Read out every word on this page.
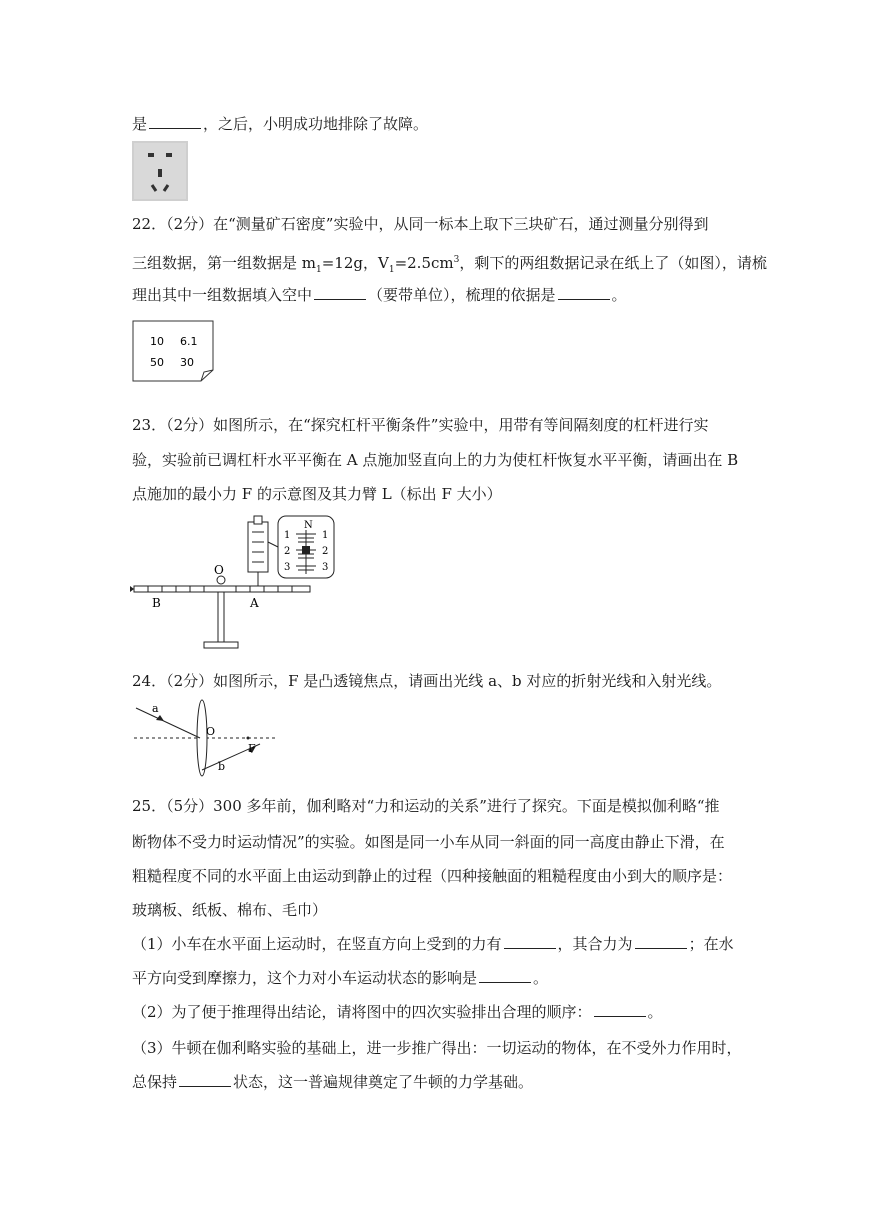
是	，之后，小明成功地排除了故障。
22．（2分）在“测量矿石密度”实验中，从同一标本上取下三块矿石，通过测量分别得到
三组数据，第一组数据是 $m_1=12g$，$V_1=2.5cm^3$，剩下的两组数据记录在纸上了（如图），请梳
理出其中一组数据填入空中	（要带单位），梳理的依据是	。
10 6.1
50 30
23．（2分）如图所示，在“探究杠杆平衡条件”实验中，用带有等间隔刻度的杠杆进行实
验，实验前已调杠杆水平平衡在 A 点施加竖直向上的力为使杠杆恢复水平平衡，请画出在 B
点施加的最小力 F 的示意图及其力臂 L（标出 F 大小）
O
B	A
N
1	1
2	2
3	3
24．（2分）如图所示，F 是凸透镜焦点，请画出光线 a、b 对应的折射光线和入射光线。
a
b
O
F
25．（5分）300 多年前，伽利略对“力和运动的关系”进行了探究。下面是模拟伽利略“推
断物体不受力时运动情况”的实验。如图是同一小车从同一斜面的同一高度由静止下滑，在
粗糙程度不同的水平面上由运动到静止的过程（四种接触面的粗糙程度由小到大的顺序是：
玻璃板、纸板、棉布、毛巾）
（1）小车在水平面上运动时，在竖直方向上受到的力有	，其合力为	；在水
平方向受到摩擦力，这个力对小车运动状态的影响是	。
（2）为了便于推理得出结论，请将图中的四次实验排出合理的顺序：	。
（3）牛顿在伽利略实验的基础上，进一步推广得出：一切运动的物体，在不受外力作用时，
总保持	状态，这一普遍规律奠定了牛顿的力学基础。
